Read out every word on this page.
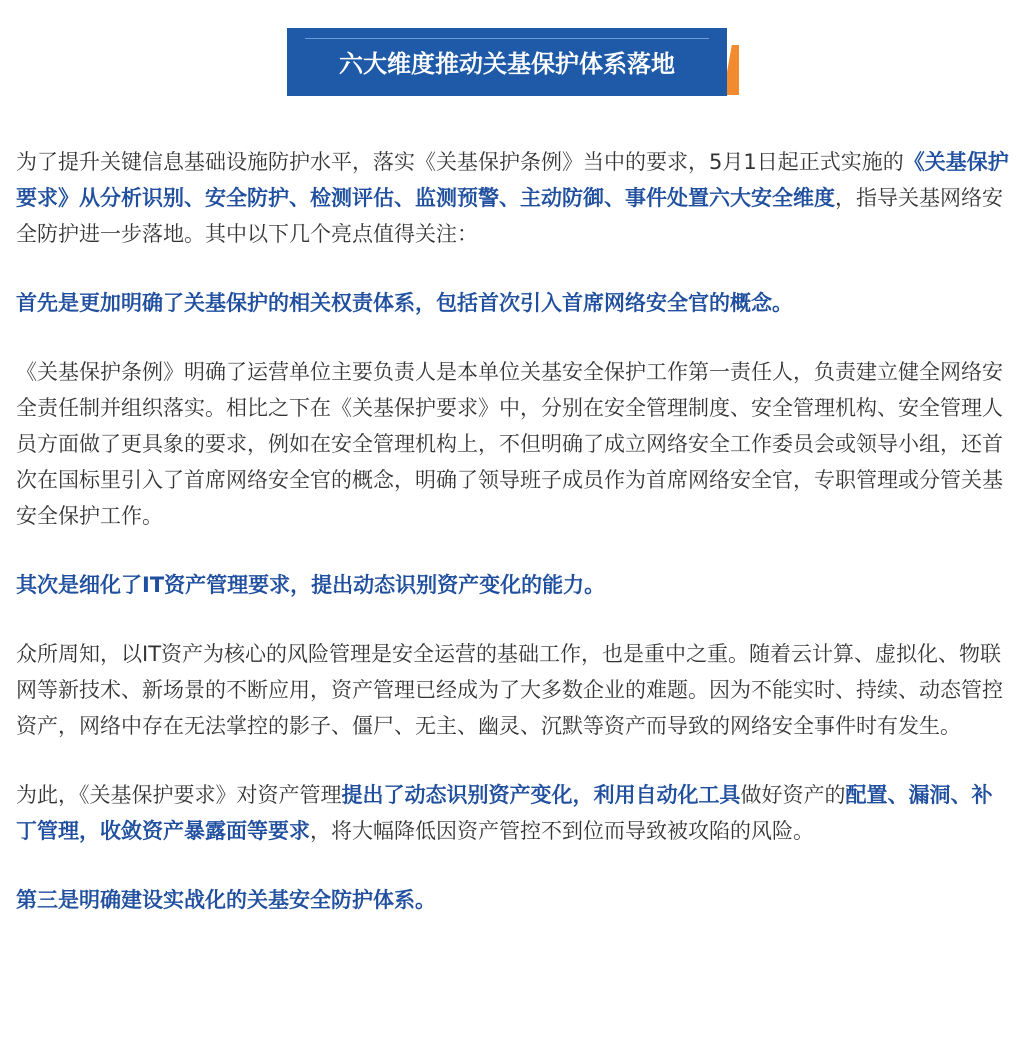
六大维度推动关基保护体系落地

为了提升关键信息基础设施防护水平，落实《关基保护条例》当中的要求，5月1日起正式实施的《关基保护要求》从分析识别、安全防护、检测评估、监测预警、主动防御、事件处置六大安全维度，指导关基网络安全防护进一步落地。其中以下几个亮点值得关注：

首先是更加明确了关基保护的相关权责体系，包括首次引入首席网络安全官的概念。

《关基保护条例》明确了运营单位主要负责人是本单位关基安全保护工作第一责任人，负责建立健全网络安全责任制并组织落实。相比之下在《关基保护要求》中，分别在安全管理制度、安全管理机构、安全管理人员方面做了更具象的要求，例如在安全管理机构上，不但明确了成立网络安全工作委员会或领导小组，还首次在国标里引入了首席网络安全官的概念，明确了领导班子成员作为首席网络安全官，专职管理或分管关基安全保护工作。

其次是细化了IT资产管理要求，提出动态识别资产变化的能力。

众所周知，以IT资产为核心的风险管理是安全运营的基础工作，也是重中之重。随着云计算、虚拟化、物联网等新技术、新场景的不断应用，资产管理已经成为了大多数企业的难题。因为不能实时、持续、动态管控资产，网络中存在无法掌控的影子、僵尸、无主、幽灵、沉默等资产而导致的网络安全事件时有发生。

为此，《关基保护要求》对资产管理提出了动态识别资产变化，利用自动化工具做好资产的配置、漏洞、补丁管理，收敛资产暴露面等要求，将大幅降低因资产管控不到位而导致被攻陷的风险。

第三是明确建设实战化的关基安全防护体系。
